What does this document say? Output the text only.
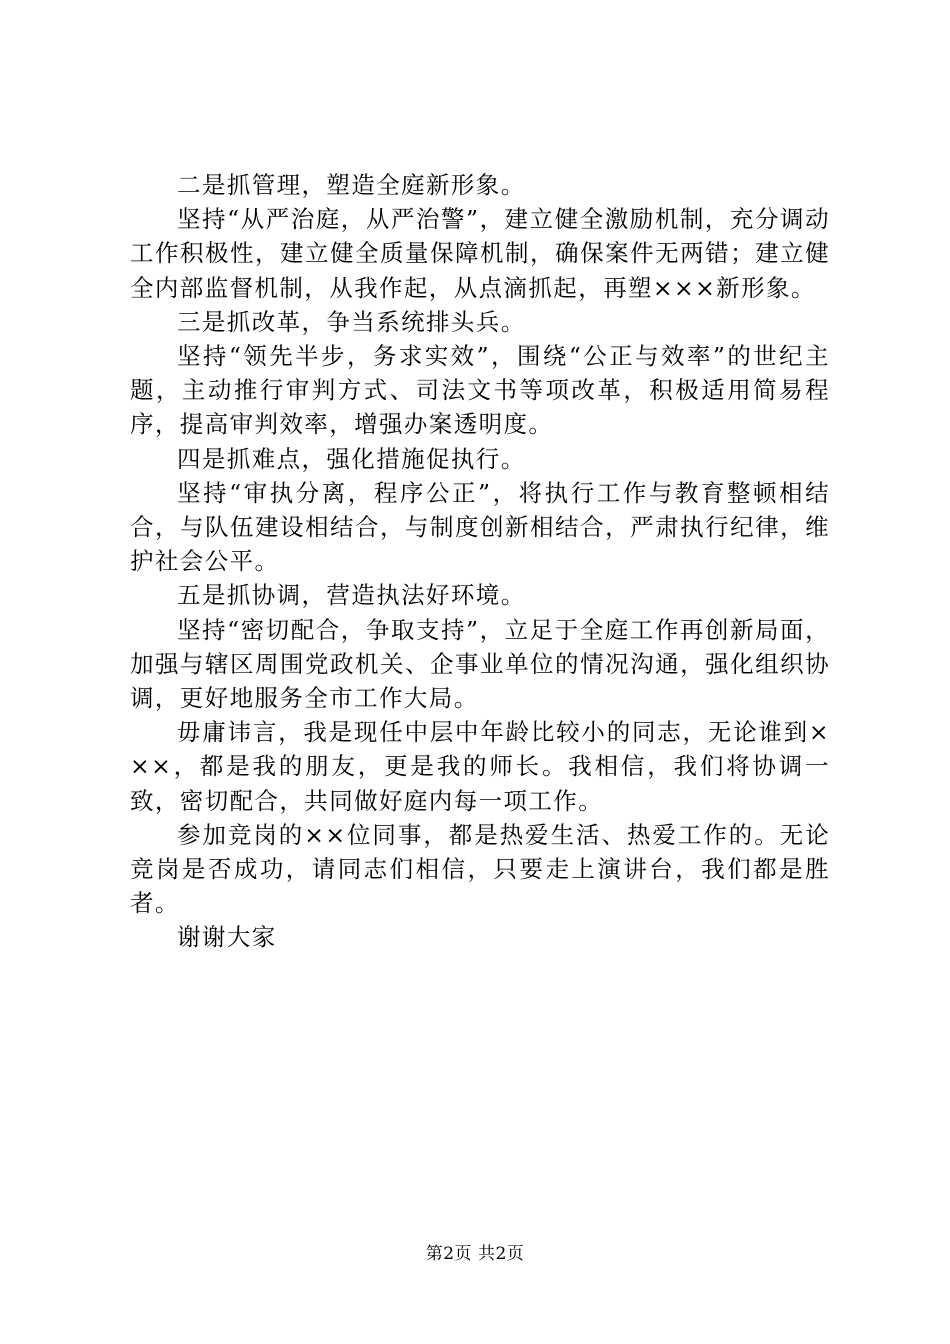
二是抓管理，塑造全庭新形象。

坚持“从严治庭，从严治警”，建立健全激励机制，充分调动工作积极性，建立健全质量保障机制，确保案件无两错；建立健全内部监督机制，从我作起，从点滴抓起，再塑×××新形象。

三是抓改革，争当系统排头兵。

坚持“领先半步，务求实效”，围绕“公正与效率”的世纪主题，主动推行审判方式、司法文书等项改革，积极适用简易程序，提高审判效率，增强办案透明度。

四是抓难点，强化措施促执行。

坚持“审执分离，程序公正”，将执行工作与教育整顿相结合，与队伍建设相结合，与制度创新相结合，严肃执行纪律，维护社会公平。

五是抓协调，营造执法好环境。

坚持“密切配合，争取支持”，立足于全庭工作再创新局面，加强与辖区周围党政机关、企事业单位的情况沟通，强化组织协调，更好地服务全市工作大局。

毋庸讳言，我是现任中层中年龄比较小的同志，无论谁到×××，都是我的朋友，更是我的师长。我相信，我们将协调一致，密切配合，共同做好庭内每一项工作。

参加竞岗的××位同事，都是热爱生活、热爱工作的。无论竞岗是否成功，请同志们相信，只要走上演讲台，我们都是胜者。

谢谢大家

第2页 共2页
